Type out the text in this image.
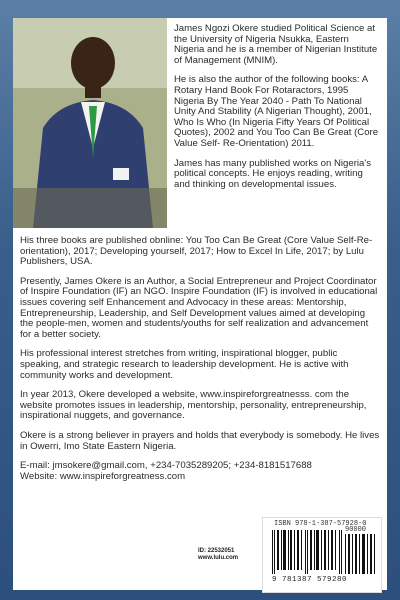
James Ngozi Okere studied Political Science at the University of Nigeria Nsukka, Eastern Nigeria and he is a member of Nigerian Institute of Management (MNIM).

He is also the author of the following books: A Rotary Hand Book For Rotaractors, 1995 Nigeria By The Year 2040 - Path To National Unity And Stability (A Nigerian Thought), 2001, Who Is Who (In Nigeria Fifty Years Of Political Quotes), 2002 and You Too Can Be Great (Core Value Self- Re-Orientation) 2011.

James has many published works on Nigeria's political concepts. He enjoys reading, writing and thinking on developmental issues.

His three books are published obnline: You Too Can Be Great (Core Value Self-Re-orientation), 2017; Developing yourself, 2017; How to Excel In Life, 2017; by Lulu Publishers, USA.

Presently, James Okere is an Author, a Social Entrepreneur and Project Coordinator of Inspire Foundation (IF) an NGO. Inspire Foundation (IF) is involved in educational issues covering self Enhancement and Advocacy in these areas: Mentorship, Entrepreneurship, Leadership, and Self Development values aimed at developing the people-men, women and students/youths for self realization and advancement for a better society.

His professional interest stretches from writing, inspirational blogger, public speaking, and strategic research to leadership development. He is active with community works and development.

In year 2013, Okere developed a website, www.inspireforgreatnesss. com the website promotes issues in leadership, mentorship, personality, entrepreneurship, inspirational nuggets, and governance.

Okere is a strong believer in prayers and holds that everybody is somebody. He lives in Owerri, Imo State Eastern Nigeria.

E-mail: jmsokere@gmail.com, +234-7035289205; +234-8181517688

Website: www.inspireforgreatness.com

ID: 22532051
www.lulu.com
ISBN 978-1-387-57928-0
90000
9 781387 579280
